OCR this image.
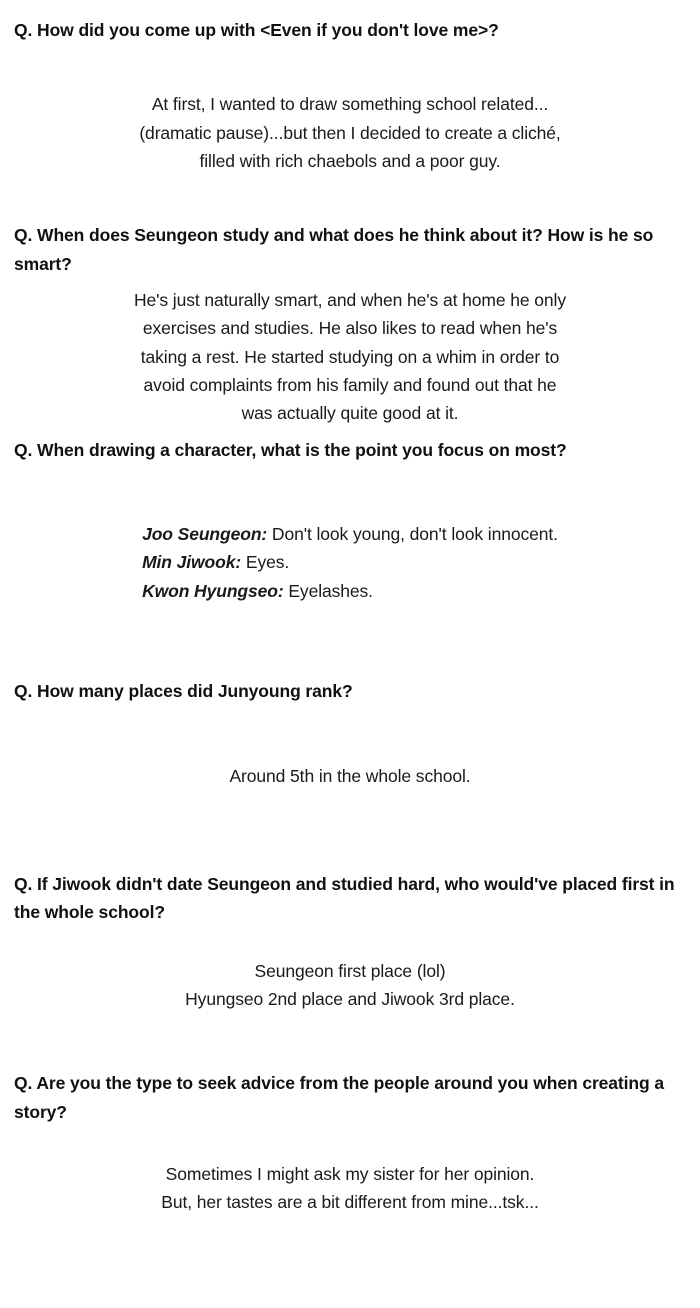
Q. How did you come up with <Even if you don't love me>?
At first, I wanted to draw something school related...
(dramatic pause)...but then I decided to create a cliché,
filled with rich chaebols and a poor guy.
Q. When does Seungeon study and what does he think about it? How is he so smart?
He's just naturally smart, and when he's at home he only
exercises and studies. He also likes to read when he's
taking a rest. He started studying on a whim in order to
avoid complaints from his family and found out that he
was actually quite good at it.
Q. When drawing a character, what is the point you focus on most?
Joo Seungeon: Don't look young, don't look innocent.
Min Jiwook: Eyes.
Kwon Hyungseo: Eyelashes.
Q. How many places did Junyoung rank?
Around 5th in the whole school.
Q. If Jiwook didn't date Seungeon and studied hard, who would've placed first in the whole school?
Seungeon first place (lol)
Hyungseo 2nd place and Jiwook 3rd place.
Q. Are you the type to seek advice from the people around you when creating a story?
Sometimes I might ask my sister for her opinion.
But, her tastes are a bit different from mine...tsk...
